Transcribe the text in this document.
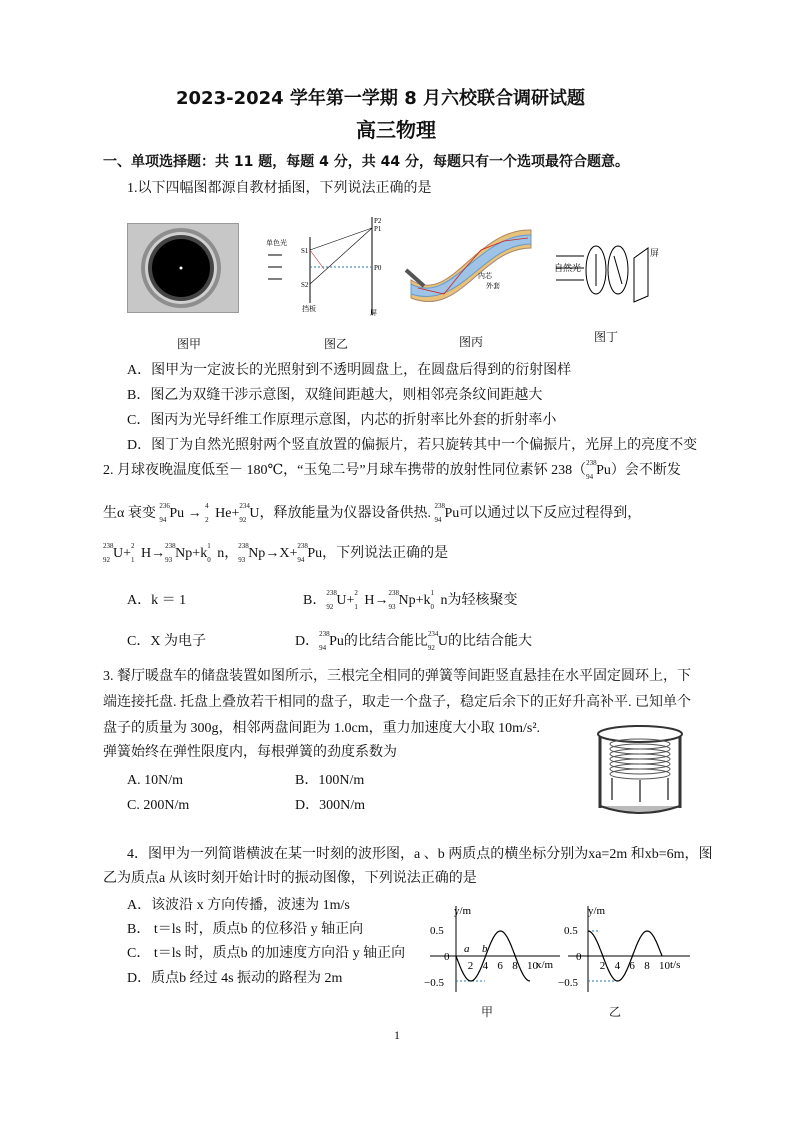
2023-2024 学年第一学期 8 月六校联合调研试题
高三物理
一、单项选择题：共 11 题，每题 4 分，共 44 分，每题只有一个选项最符合题意。
1.以下四幅图都源自教材插图，下列说法正确的是
图甲
单色光
S1
S2
P2
P1
P0
挡板	屏
图乙
内芯
外套
图丙
自然光
屏
图丁
A．图甲为一定波长的光照射到不透明圆盘上，在圆盘后得到的衍射图样
B．图乙为双缝干涉示意图，双缝间距越大，则相邻亮条纹间距越大
C．图丙为光导纤维工作原理示意图，内芯的折射率比外套的折射率小
D．图丁为自然光照射两个竖直放置的偏振片，若只旋转其中一个偏振片，光屏上的亮度不变
2. 月球夜晚温度低至－ 180℃，“玉兔二号”月球车携带的放射性同位素钚 238（ 238
94 Pu）会不断发
生α 衰变 236
94 Pu → 4
2 He+ 234
92 U，释放能量为仪器设备供热. 238
94 Pu可以通过以下反应过程得到，
238
92 U+ 2
1 H→ 238
93 Np+k 1
0 n， 238
93 Np→X+ 238
94 Pu，下列说法正确的是
A．k ＝ 1	B． 238
92 U+ 2
1 H→ 238
93 Np+k 1
0 n为轻核聚变
C．X 为电子	D． 238
94 Pu的比结合能比 234
92 U的比结合能大
3. 餐厅暖盘车的储盘装置如图所示，三根完全相同的弹簧等间距竖直悬挂在水平固定圆环上，下
端连接托盘. 托盘上叠放若干相同的盘子，取走一个盘子，稳定后余下的正好升高补平. 已知单个
盘子的质量为 300g，相邻两盘间距为 1.0cm，重力加速度大小取 10m/s².
弹簧始终在弹性限度内，每根弹簧的劲度系数为
A. 10N/m	B．100N/m
C. 200N/m	D．300N/m
4．图甲为一列简谐横波在某一时刻的波形图，a 、b 两质点的横坐标分别为xa=2m 和xb=6m，图
乙为质点a 从该时刻开始计时的振动图像，下列说法正确的是
A．该波沿 x 方向传播，波速为 1m/s
B． t＝ls 时，质点b 的位移沿 y 轴正向
C． t＝ls 时，质点b 的加速度方向沿 y 轴正向
D．质点b 经过 4s 振动的路程为 2m
y/m
x/m
0.5
0
−0.5
2 4 6 8 10
a b
甲
y/m
t/s
0.5
0
−0.5
2 4 6 8 10
乙
1
